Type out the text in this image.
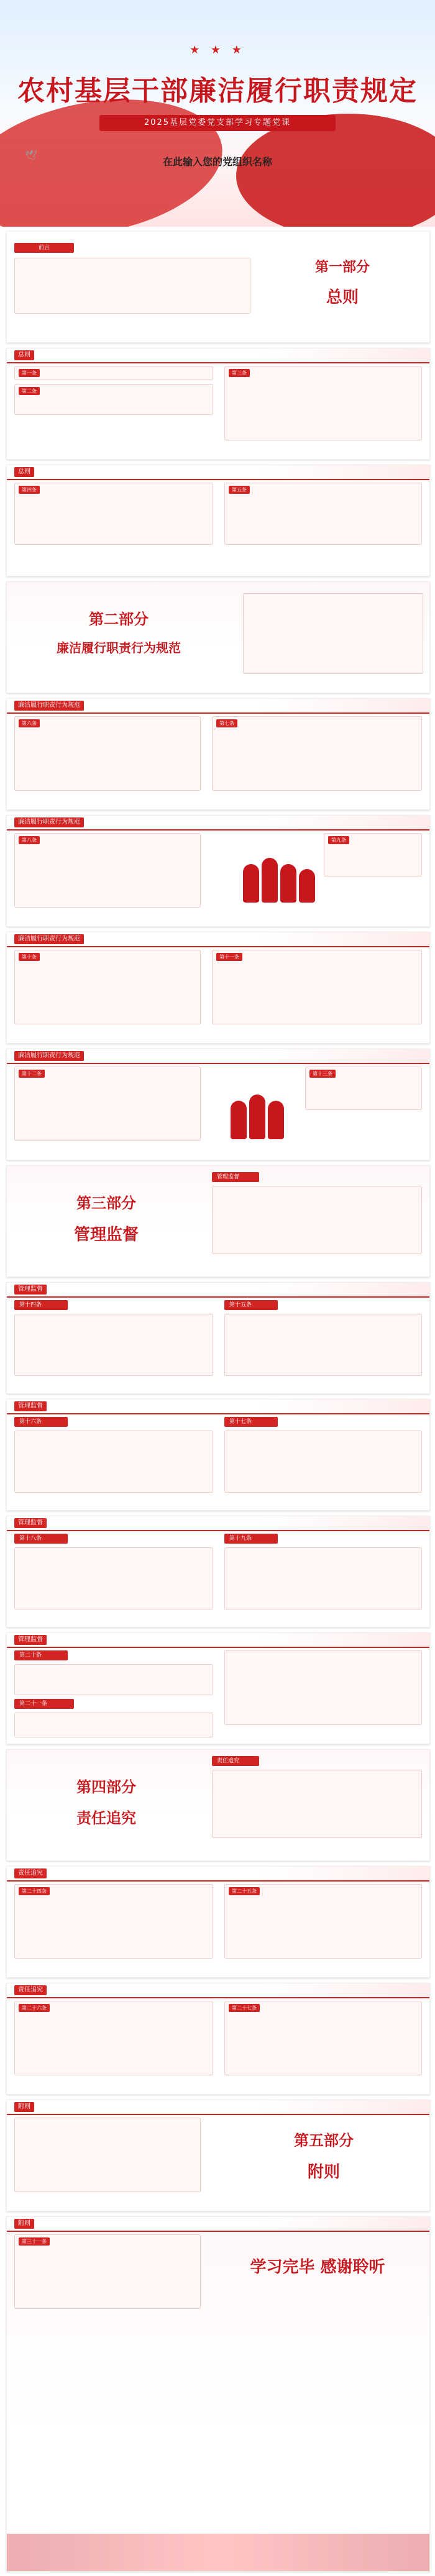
🕊
★ ★ ★
农村基层干部廉洁履行职责规定
2025基层党委党支部学习专题党课
在此输入您的党组织名称
前言
第一部分
总则
总则
第一条
第二条
第三条
总则
第四条	第五条
第二部分
廉洁履行职责行为规范
廉洁履行职责行为规范
第六条	第七条
廉洁履行职责行为规范
第八条	第九条
廉洁履行职责行为规范
第十条	第十一条
廉洁履行职责行为规范
第十二条	第十三条
第三部分
管理监督
管理监督
管理监督
第十四条	第十五条
管理监督
第十六条	第十七条
管理监督
第十八条	第十九条
管理监督
第二十条
第二十一条
第四部分
责任追究
责任追究
责任追究
第二十四条	第二十五条
责任追究
第二十六条	第二十七条
附则
第五部分
附则
附则
第三十一条
学习完毕 感谢聆听
